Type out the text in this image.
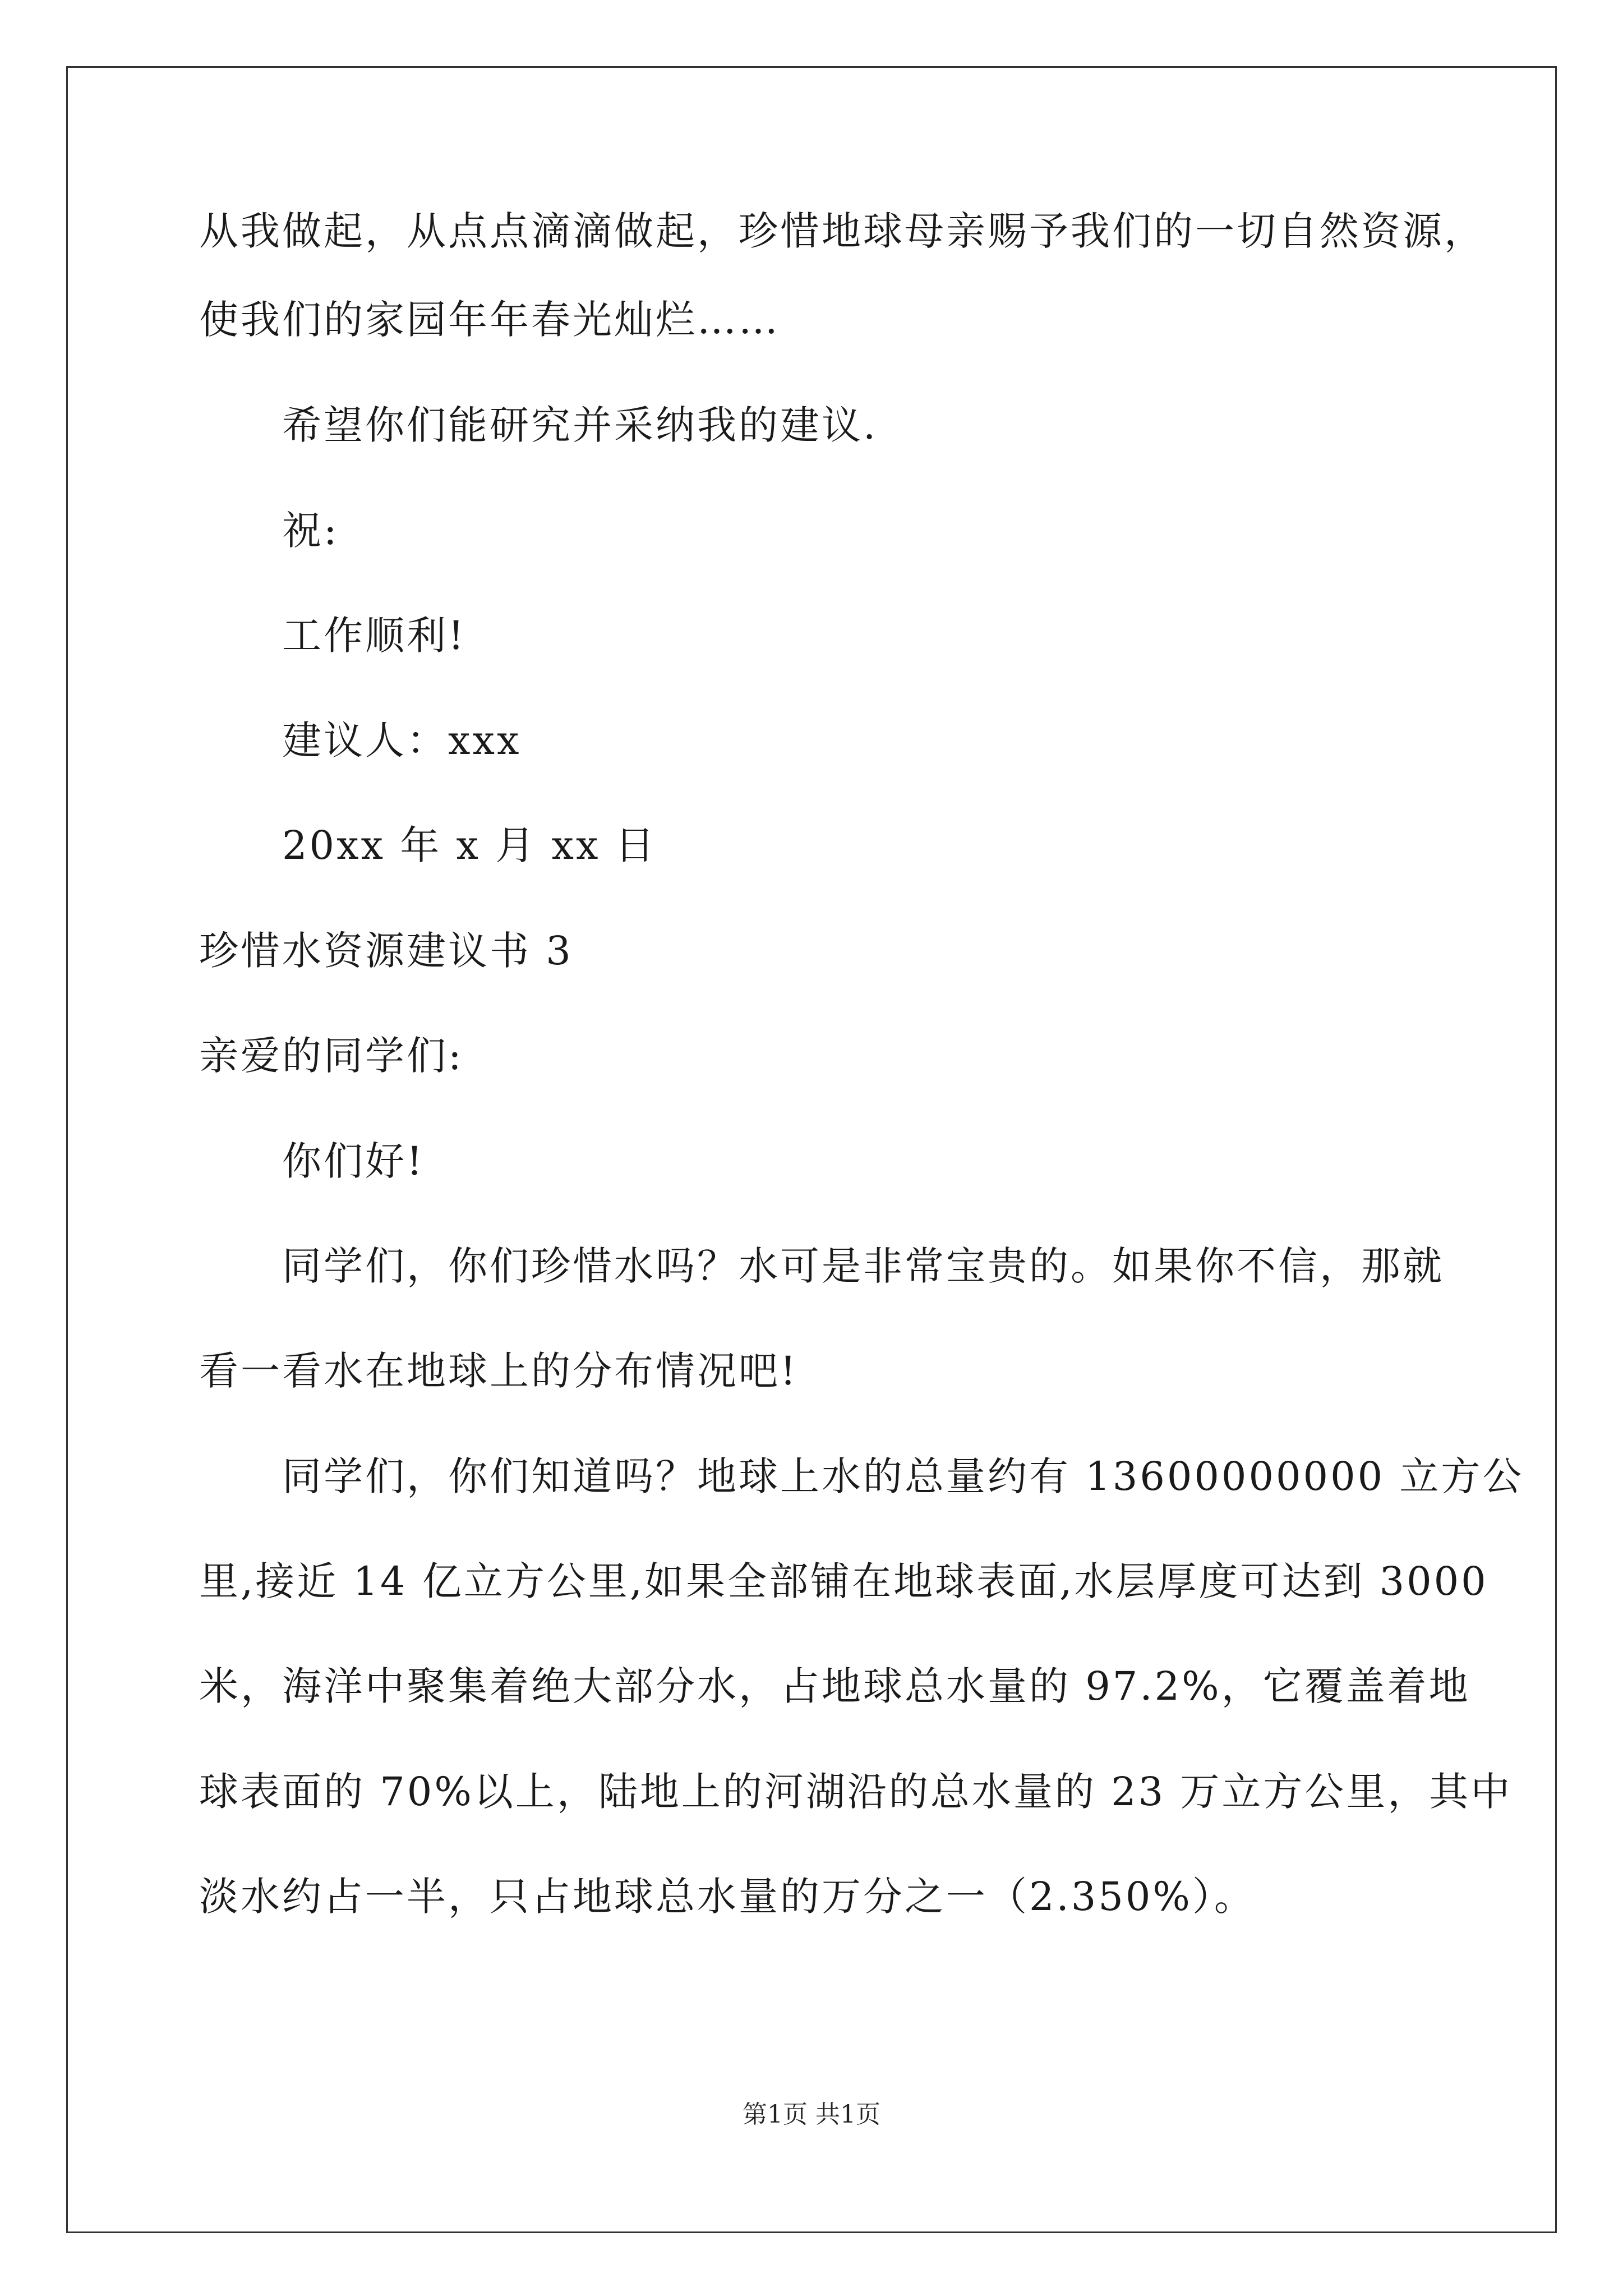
从我做起，从点点滴滴做起，珍惜地球母亲赐予我们的一切自然资源，
使我们的家园年年春光灿烂……
希望你们能研究并采纳我的建议.
祝:
工作顺利!
建议人：xxx
20xx 年 x 月 xx 日
珍惜水资源建议书 3
亲爱的同学们:
你们好!
同学们，你们珍惜水吗？水可是非常宝贵的。如果你不信，那就
看一看水在地球上的分布情况吧!
同学们，你们知道吗？地球上水的总量约有 13600000000 立方公
里,接近 14 亿立方公里,如果全部铺在地球表面,水层厚度可达到 3000
米，海洋中聚集着绝大部分水，占地球总水量的 97.2%，它覆盖着地
球表面的 70%以上，陆地上的河湖沿的总水量的 23 万立方公里，其中
淡水约占一半，只占地球总水量的万分之一（2.350%）。
第1页 共1页
